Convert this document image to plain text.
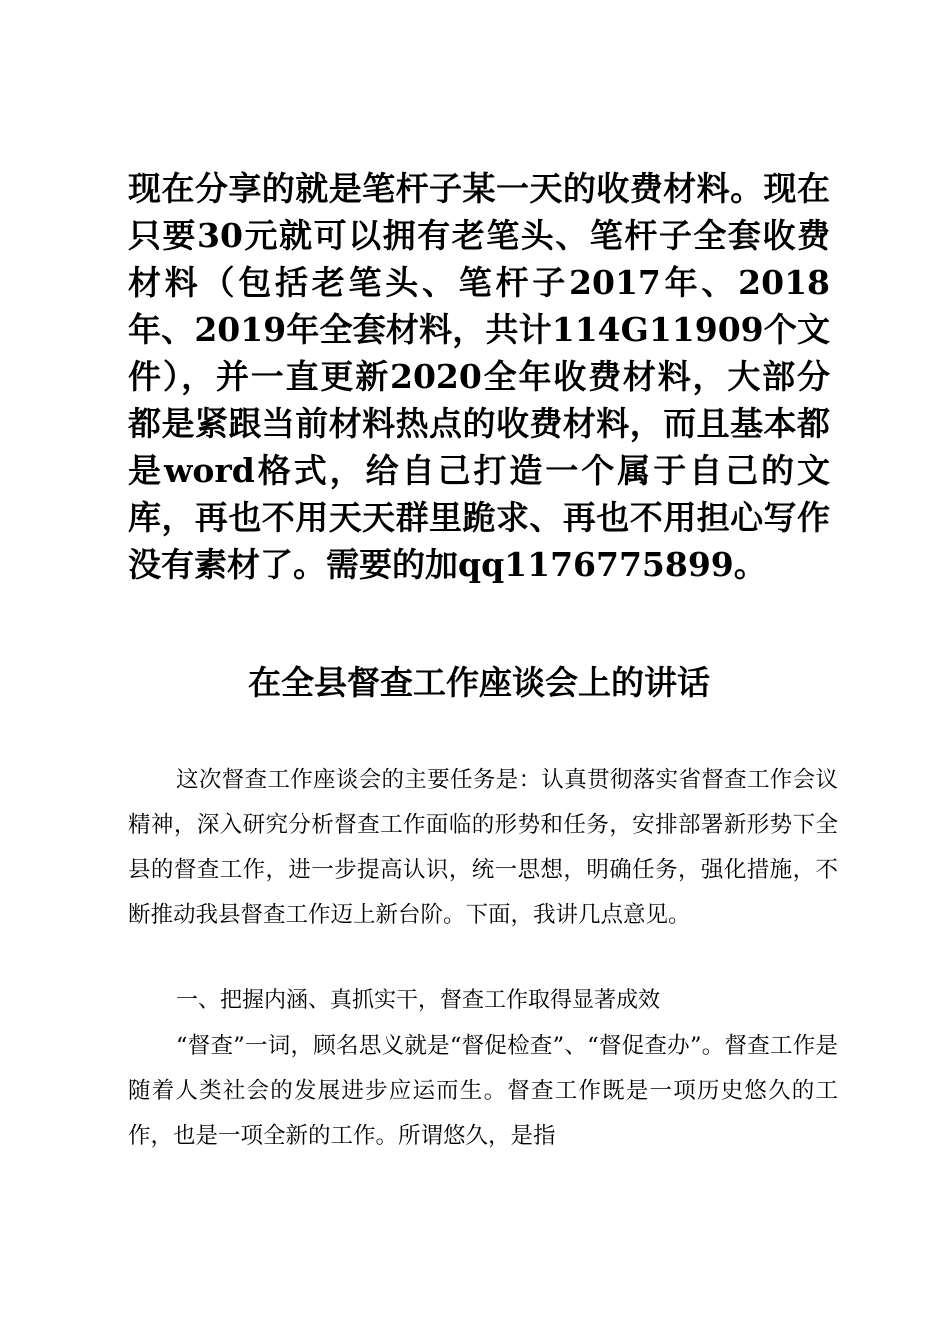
现在分享的就是笔杆子某一天的收费材料。现在只要30元就可以拥有老笔头、笔杆子全套收费材料（包括老笔头、笔杆子2017年、2018年、2019年全套材料，共计114G11909个文件），并一直更新2020全年收费材料，大部分都是紧跟当前材料热点的收费材料，而且基本都是word格式，给自己打造一个属于自己的文库，再也不用天天群里跪求、再也不用担心写作没有素材了。需要的加qq1176775899。
在全县督查工作座谈会上的讲话
这次督查工作座谈会的主要任务是：认真贯彻落实省督查工作会议精神，深入研究分析督查工作面临的形势和任务，安排部署新形势下全县的督查工作，进一步提高认识，统一思想，明确任务，强化措施，不断推动我县督查工作迈上新台阶。下面，我讲几点意见。
一、把握内涵、真抓实干，督查工作取得显著成效
“督查”一词，顾名思义就是“督促检查”、“督促查办”。督查工作是随着人类社会的发展进步应运而生。督查工作既是一项历史悠久的工作，也是一项全新的工作。所谓悠久，是指
